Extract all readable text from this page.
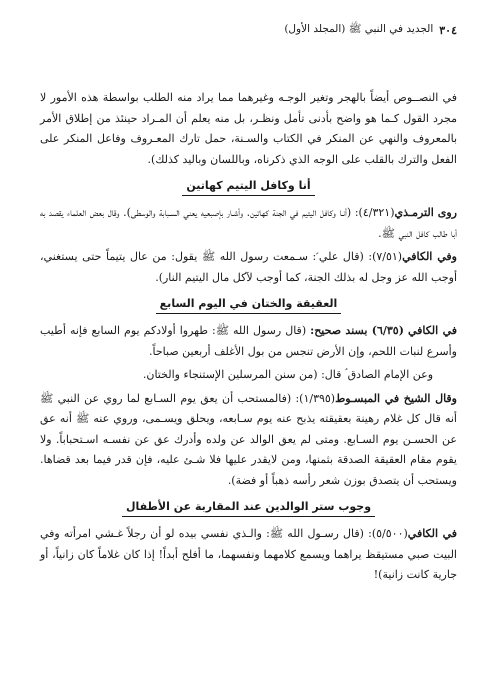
٣٠٤
الجديد في النبي ﷺ (المجلد الأول)

في النصــوص أيضاً بالهجر وتغير الوجـه وغيرهما مما يراد منه الطلب بواسطة هذه الأمور لا مجرد القول كـما هو واضح بأدنى تأمل ونظـر، بل منه يعلم أن المـراد حينئذ من إطلاق الأمر بالمعروف والنهي عن المنكر في الكتاب والسـنة، حمل تارك المعـروف وفاعل المنكر على الفعل والترك بالقلب على الوجه الذي ذكرناه، وباللسان وباليد كذلك).

أنا وكافل اليتيم كهاتين

روى الترمـذي(٤/٣٢١): (أنـا وكافل اليتيم في الجنة كهاتين. وأشـار بإصبعيه يعني السـبابة والوسطى). وقال بعض العلماء يقصد به أبا طالب كافل النبي ﷺ.

وفي الكافي(٧/٥١): (قال علي ؑ: سـمعت رسول الله ﷺ يقول: من عال يتيماً حتى يستغني، أوجب الله عز وجل له بذلك الجنة، كما أوجب لآكل مال اليتيم النار).

العقيقة والختان في اليوم السابع

في الكافي (٦/٣٥) بسند صحيح: (قال رسول الله ﷺ: طهروا أولادكم يوم السابع فإنه أطيب وأسرع لنبات اللحم، وإن الأرض تنجس من بول الأغلف أربعين صباحاً.

وعن الإمام الصادق ؑ قال: (من سنن المرسلين الإستنجاء والختان.

وقال الشيخ في المبسـوط(١/٣٩٥): (فالمستحب أن يعق يوم السـابع لما روي عن النبي ﷺ أنه قال كل غلام رهينة بعقيقته يذبح عنه يوم سـابعه، ويحلق ويسـمى، وروي عنه ﷺ أنه عق عن الحسـن يوم السـابع. ومتى لم يعق الوالد عن ولده وأدرك عق عن نفسـه اسـتحباباً. ولا يقوم مقام العقيقة الصدقة بثمنها، ومن لايقدر عليها فلا شـئ عليه، فإن قدر فيما بعد قضاها. ويستحب أن يتصدق بوزن شعر رأسه ذهباً أو فضة).

وجوب ستر الوالدين عند المقاربة عن الأطفال

في الكافي(٥/٥٠٠): (قال رسـول الله ﷺ: والـذي نفسي بيده لو أن رجلاً غـشي امرأته وفي البيت صبي مستيقظ يراهما ويسمع كلامهما ونفسهما، ما أفلح أبداً! إذا كان غلاماً كان زانياً، أو جارية كانت زانية)!
